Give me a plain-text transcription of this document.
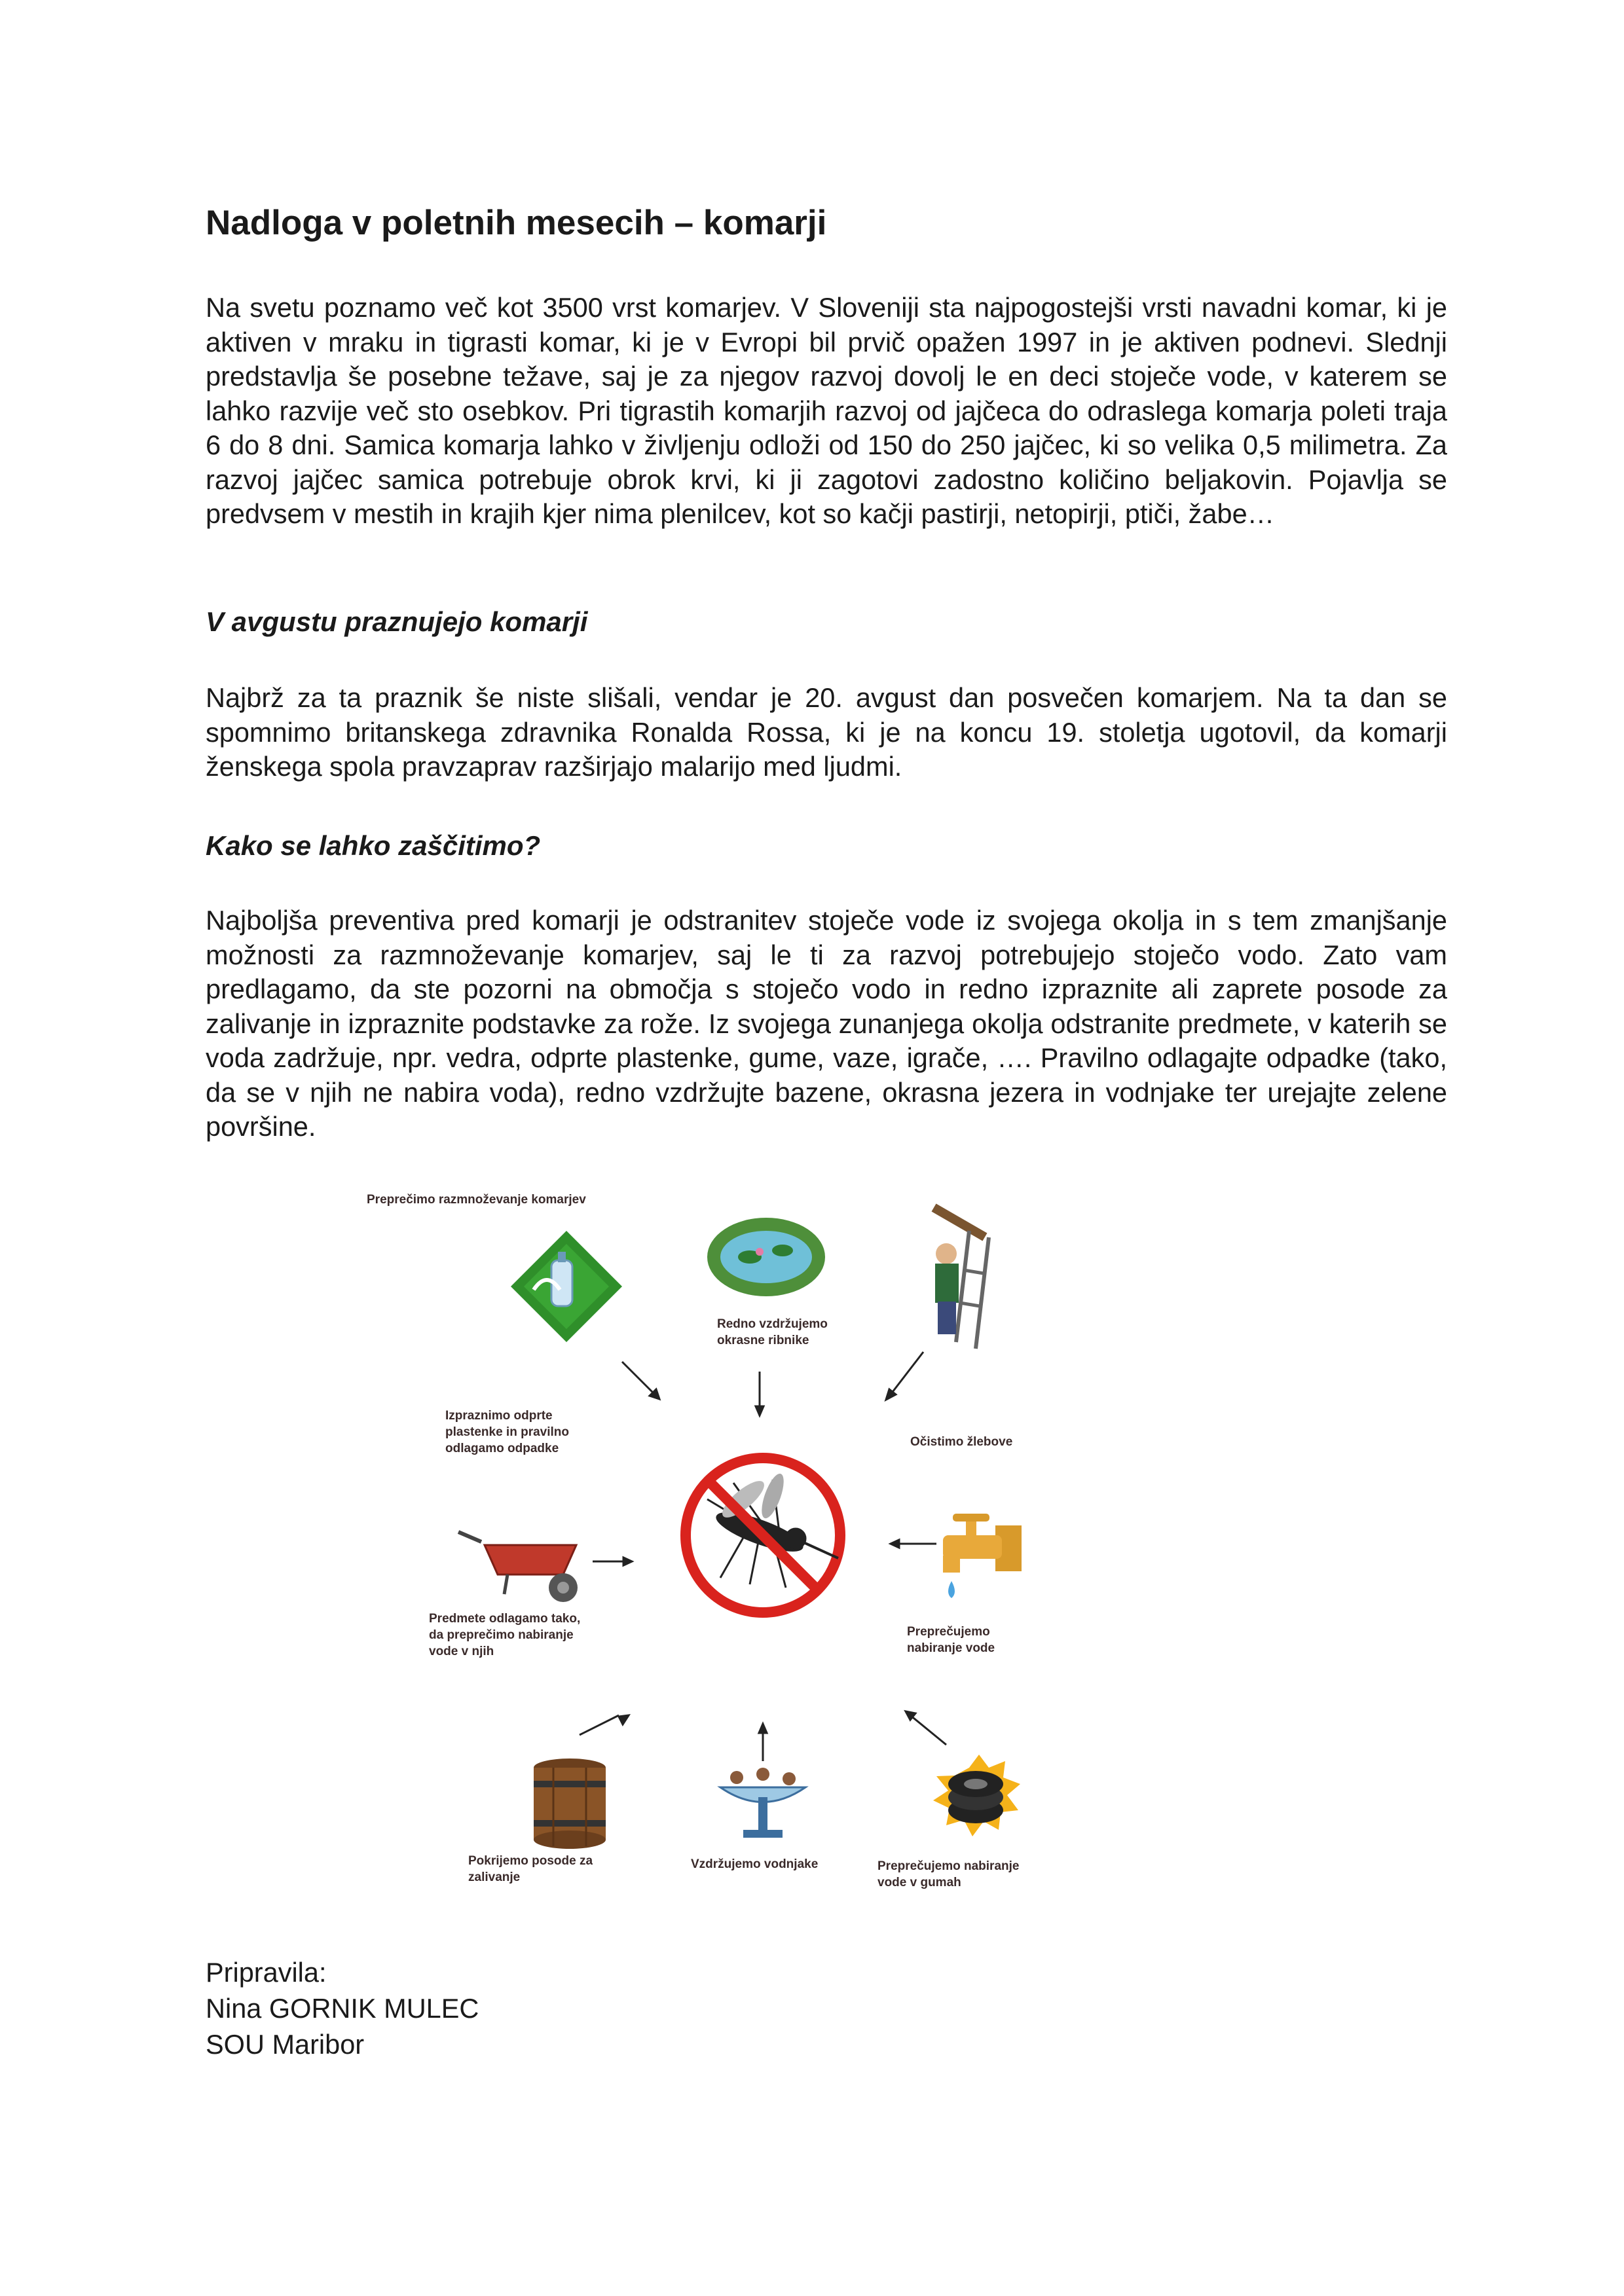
Nadloga v poletnih mesecih – komarji

Na svetu poznamo več kot 3500 vrst komarjev. V Sloveniji sta najpogostejši vrsti navadni komar, ki je aktiven v mraku in tigrasti komar, ki je v Evropi bil prvič opažen 1997 in je aktiven podnevi. Slednji predstavlja še posebne težave, saj je za njegov razvoj dovolj le en deci stoječe vode, v katerem se lahko razvije več sto osebkov. Pri tigrastih komarjih razvoj od jajčeca do odraslega komarja poleti traja 6 do 8 dni. Samica komarja lahko v življenju odloži od 150 do 250 jajčec, ki so velika 0,5 milimetra. Za razvoj jajčec samica potrebuje obrok krvi, ki ji zagotovi zadostno količino beljakovin. Pojavlja se predvsem v mestih in krajih kjer nima plenilcev, kot so kačji pastirji, netopirji, ptiči, žabe…

V avgustu praznujejo komarji

Najbrž za ta praznik še niste slišali, vendar je 20. avgust dan posvečen komarjem. Na ta dan se spomnimo britanskega zdravnika Ronalda Rossa, ki je na koncu 19. stoletja ugotovil, da komarji ženskega spola pravzaprav razširjajo malarijo med ljudmi.

Kako se lahko zaščitimo?

Najboljša preventiva pred komarji je odstranitev stoječe vode iz svojega okolja in s tem zmanjšanje možnosti za razmnoževanje komarjev, saj le ti za razvoj potrebujejo stoječo vodo. Zato vam predlagamo, da ste pozorni na območja s stoječo vodo in redno izpraznite ali zaprete posode za zalivanje in izpraznite podstavke za rože. Iz svojega zunanjega okolja odstranite predmete, v katerih se voda zadržuje, npr. vedra, odprte plastenke, gume, vaze, igrače, …. Pravilno odlagajte odpadke (tako, da se v njih ne nabira voda), redno vzdržujte bazene, okrasna jezera in vodnjake ter urejajte zelene površine.

Preprečimo razmnoževanje komarjev

Redno vzdržujemo okrasne ribnike

Izpraznimo odprte plastenke in pravilno odlagamo odpadke	Očistimo žlebove

Predmete odlagamo tako, da preprečimo nabiranje vode v njih

Preprečujemo nabiranje vode

Pokrijemo posode za zalivanje

Vzdržujemo vodnjake	Preprečujemo nabiranje vode v gumah

Pripravila:
Nina GORNIK MULEC
SOU Maribor
